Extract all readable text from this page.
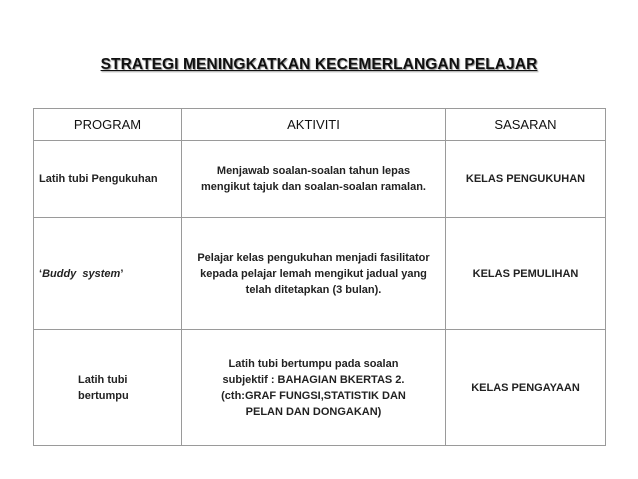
STRATEGI MENINGKATKAN KECEMERLANGAN PELAJAR
PROGRAM	AKTIVITI	SASARAN
Latih tubi Pengukuhan	Menjawab soalan-soalan tahun lepas mengikut tajuk dan soalan-soalan ramalan.	KELAS PENGUKUHAN
‘Buddy  system’	Pelajar kelas pengukuhan menjadi fasilitator kepada pelajar lemah mengikut jadual yang telah ditetapkan (3 bulan).	KELAS PEMULIHAN
Latih tubi bertumpu	Latih tubi bertumpu pada soalan subjektif : BAHAGIAN BKERTAS 2. (cth:GRAF FUNGSI,STATISTIK DAN PELAN DAN DONGAKAN)	KELAS PENGAYAAN
